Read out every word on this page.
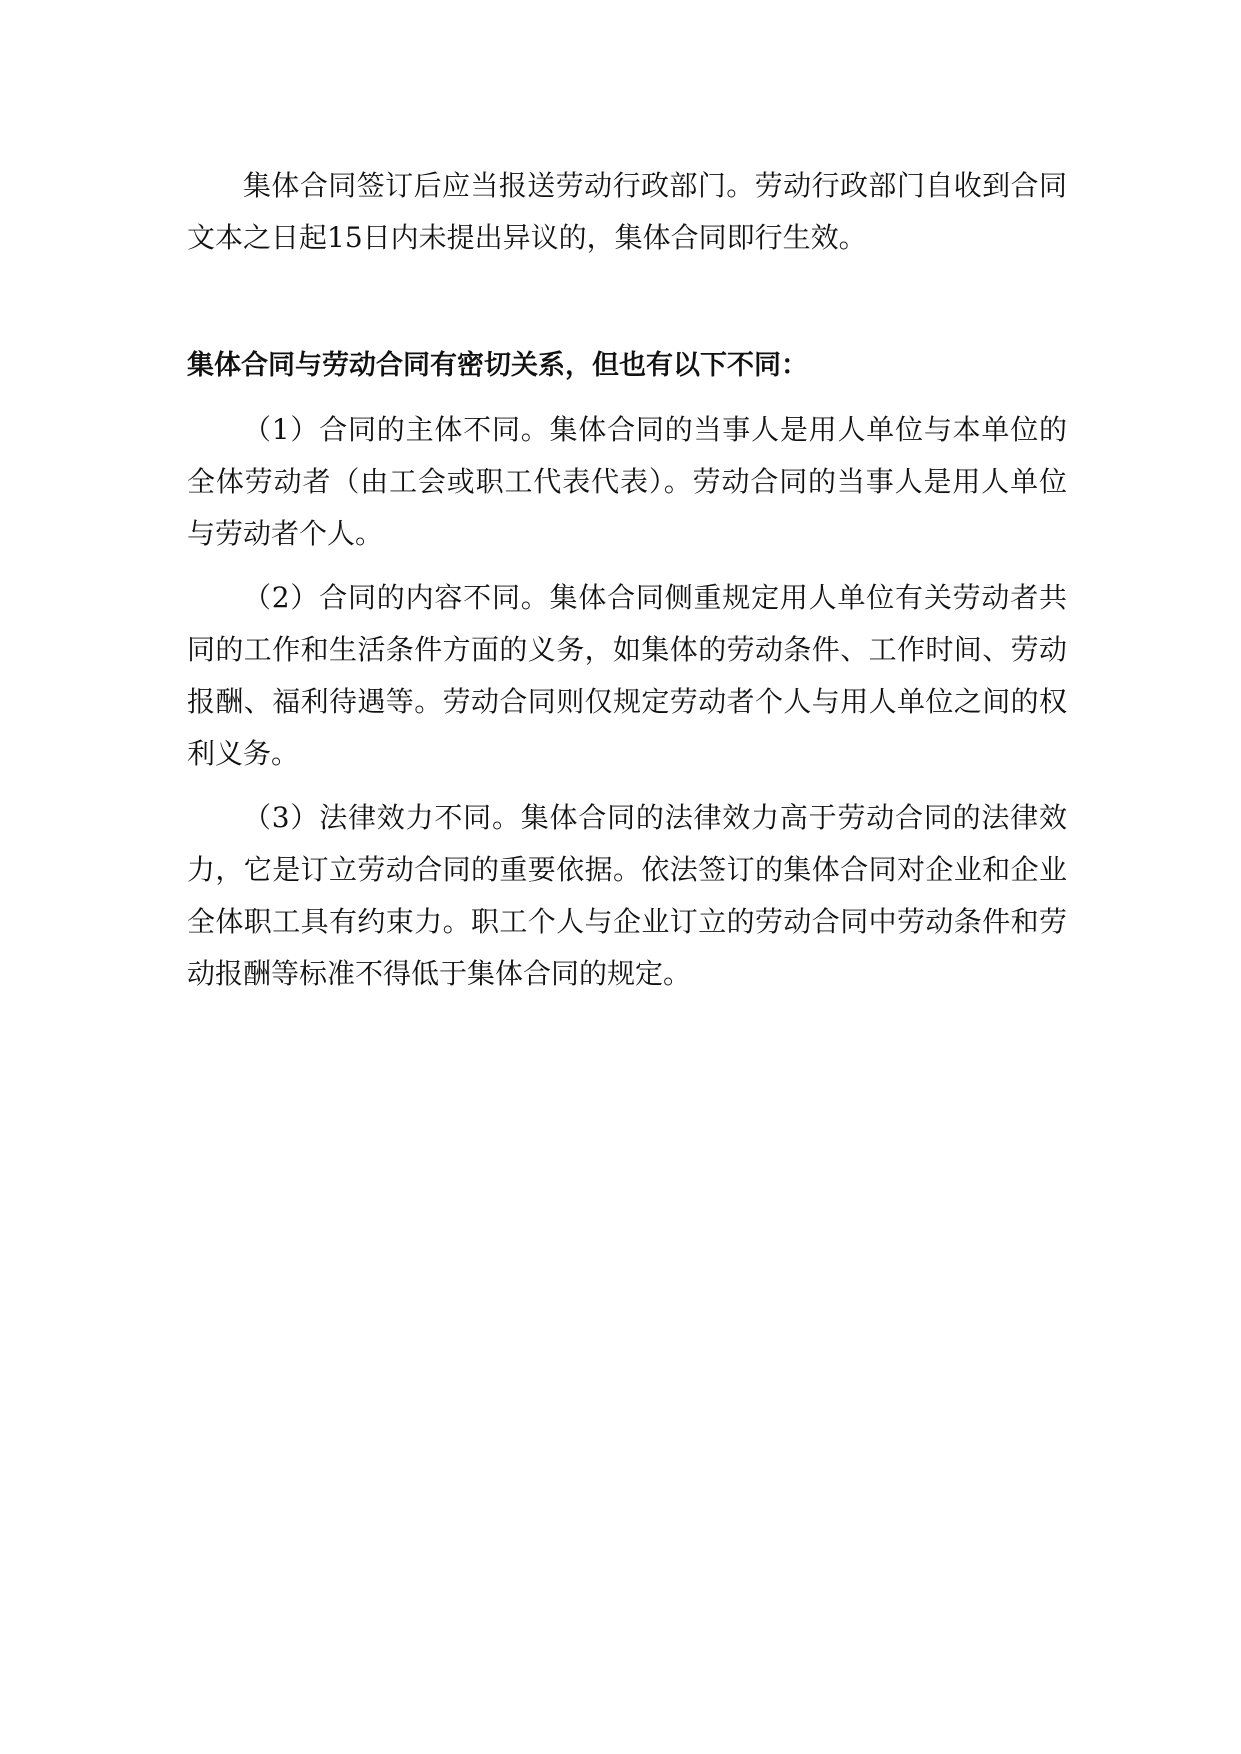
集体合同签订后应当报送劳动行政部门。劳动行政部门自收到合同文本之日起15日内未提出异议的，集体合同即行生效。

集体合同与劳动合同有密切关系，但也有以下不同：

（1）合同的主体不同。集体合同的当事人是用人单位与本单位的全体劳动者（由工会或职工代表代表）。劳动合同的当事人是用人单位与劳动者个人。

（2）合同的内容不同。集体合同侧重规定用人单位有关劳动者共同的工作和生活条件方面的义务，如集体的劳动条件、工作时间、劳动报酬、福利待遇等。劳动合同则仅规定劳动者个人与用人单位之间的权利义务。

（3）法律效力不同。集体合同的法律效力高于劳动合同的法律效力，它是订立劳动合同的重要依据。依法签订的集体合同对企业和企业全体职工具有约束力。职工个人与企业订立的劳动合同中劳动条件和劳动报酬等标准不得低于集体合同的规定。
